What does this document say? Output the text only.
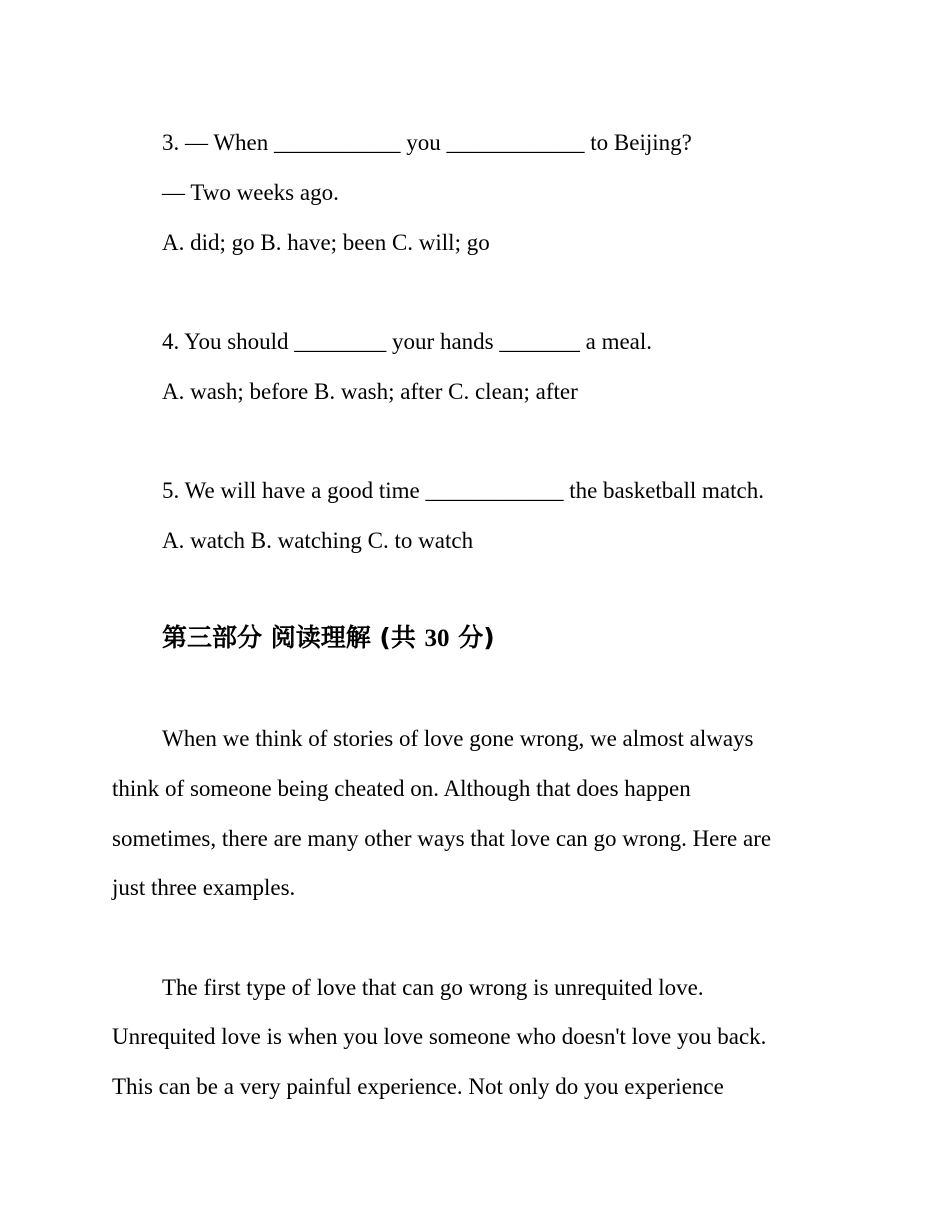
3. — When ___________ you ____________ to Beijing?
— Two weeks ago.
A. did; go B. have; been C. will; go
4. You should ________ your hands _______ a meal.
A. wash; before B. wash; after C. clean; after
5. We will have a good time ____________ the basketball match.
A. watch B. watching C. to watch
第三部分 阅读理解 (共 30 分)
When we think of stories of love gone wrong, we almost always
think of someone being cheated on. Although that does happen
sometimes, there are many other ways that love can go wrong. Here are
just three examples.
The first type of love that can go wrong is unrequited love.
Unrequited love is when you love someone who doesn't love you back.
This can be a very painful experience. Not only do you experience
